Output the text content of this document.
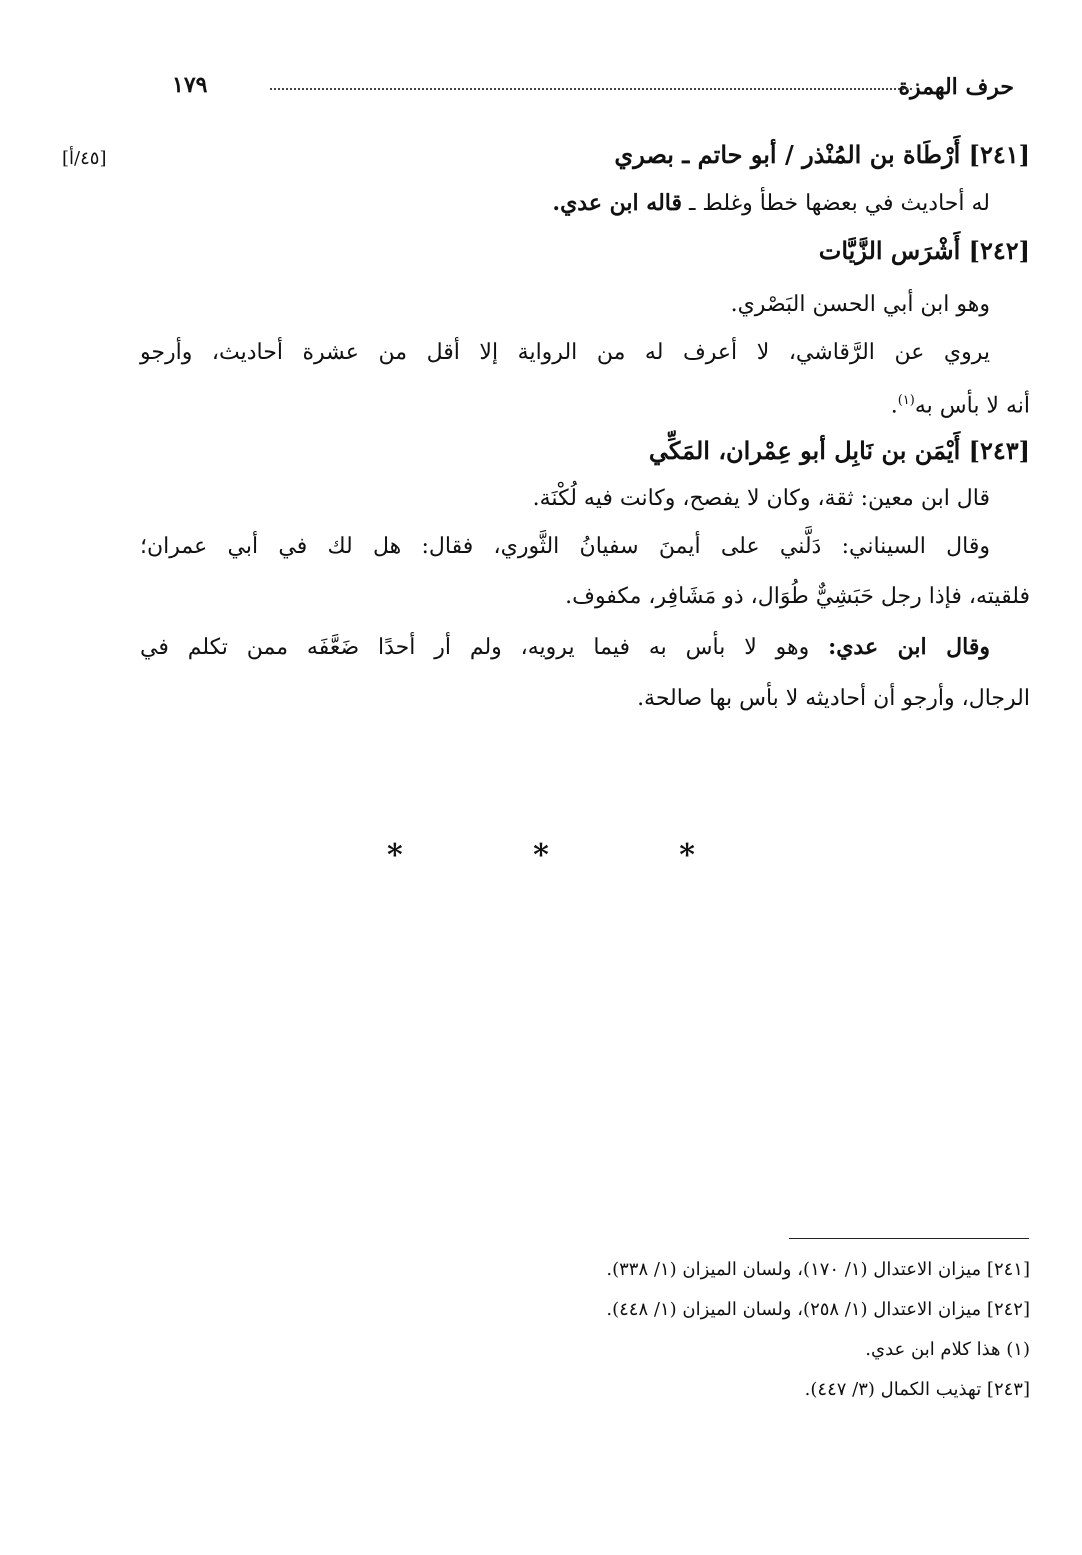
حرف الهمزة
١٧٩
[٤٥/أ]	[٢٤١] أَرْطَاة بن المُنْذر / أبو حاتم ـ بصري
له أحاديث في بعضها خطأ وغلط ـ قاله ابن عدي.
[٢٤٢] أَشْرَس الزَّيَّات
وهو ابن أبي الحسن البَصْري.
يروي عن الرَّقاشي، لا أعرف له من الرواية إلا أقل من عشرة أحاديث، وأرجو
أنه لا بأس به$^{(١)}$.
[٢٤٣] أَيْمَن بن نَابِل أبو عِمْران، المَكِّي
قال ابن معين: ثقة، وكان لا يفصح، وكانت فيه لُكْنَة.
وقال السيناني: دَلَّني على أيمنَ سفيانُ الثَّوري، فقال: هل لك في أبي عمران؛
فلقيته، فإذا رجل حَبَشِيٌّ طُوَال، ذو مَشَافِر، مكفوف.
وقال ابن عدي: وهو لا بأس به فيما يرويه، ولم أر أحدًا ضَعَّفَه ممن تكلم في
الرجال، وأرجو أن أحاديثه لا بأس بها صالحة.
* * *
[٢٤١] ميزان الاعتدال (١/ ١٧٠)، ولسان الميزان (١/ ٣٣٨).
[٢٤٢] ميزان الاعتدال (١/ ٢٥٨)، ولسان الميزان (١/ ٤٤٨).
(١) هذا كلام ابن عدي.
[٢٤٣] تهذيب الكمال (٣/ ٤٤٧).
